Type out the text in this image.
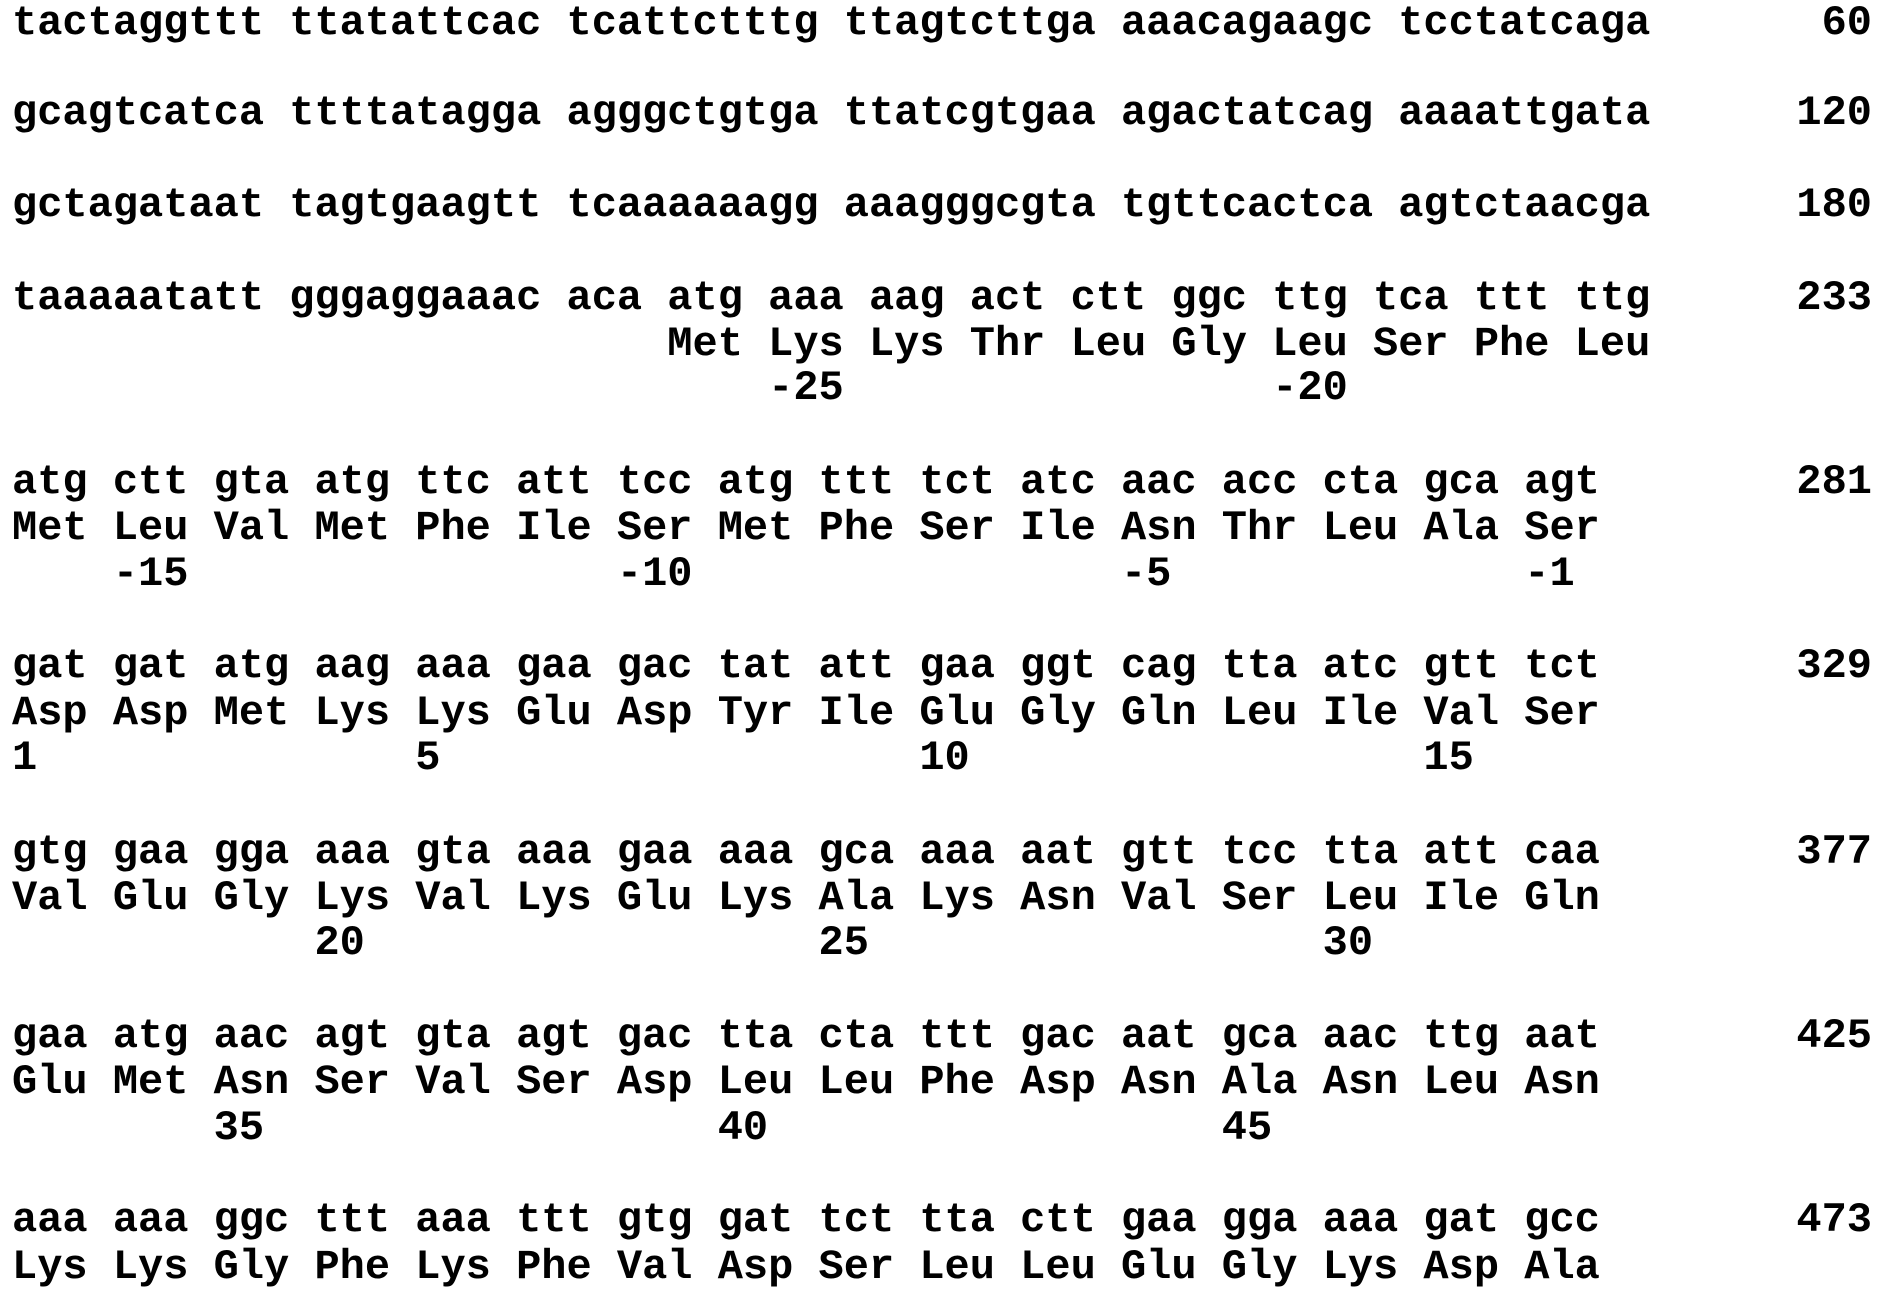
tactaggttt ttatattcac tcattctttg ttagtcttga aaacagaagc tcctatcaga	60
gcagtcatca ttttatagga agggctgtga ttatcgtgaa agactatcag aaaattgata	120
gctagataat tagtgaagtt tcaaaaaagg aaagggcgta tgttcactca agtctaacga	180
taaaaatatt gggaggaaac aca atg aaa aag act ctt ggc ttg tca ttt ttg	233
Met Lys Lys Thr Leu Gly Leu Ser Phe Leu
-25                 -20
atg ctt gta atg ttc att tcc atg ttt tct atc aac acc cta gca agt	281
Met Leu Val Met Phe Ile Ser Met Phe Ser Ile Asn Thr Leu Ala Ser
-15                 -10                 -5              -1
gat gat atg aag aaa gaa gac tat att gaa ggt cag tta atc gtt tct	329
Asp Asp Met Lys Lys Glu Asp Tyr Ile Glu Gly Gln Leu Ile Val Ser
1               5                   10                  15
gtg gaa gga aaa gta aaa gaa aaa gca aaa aat gtt tcc tta att caa	377
Val Glu Gly Lys Val Lys Glu Lys Ala Lys Asn Val Ser Leu Ile Gln
20                  25                  30
gaa atg aac agt gta agt gac tta cta ttt gac aat gca aac ttg aat	425
Glu Met Asn Ser Val Ser Asp Leu Leu Phe Asp Asn Ala Asn Leu Asn
35                  40                  45
aaa aaa ggc ttt aaa ttt gtg gat tct tta ctt gaa gga aaa gat gcc	473
Lys Lys Gly Phe Lys Phe Val Asp Ser Leu Leu Glu Gly Lys Asp Ala
